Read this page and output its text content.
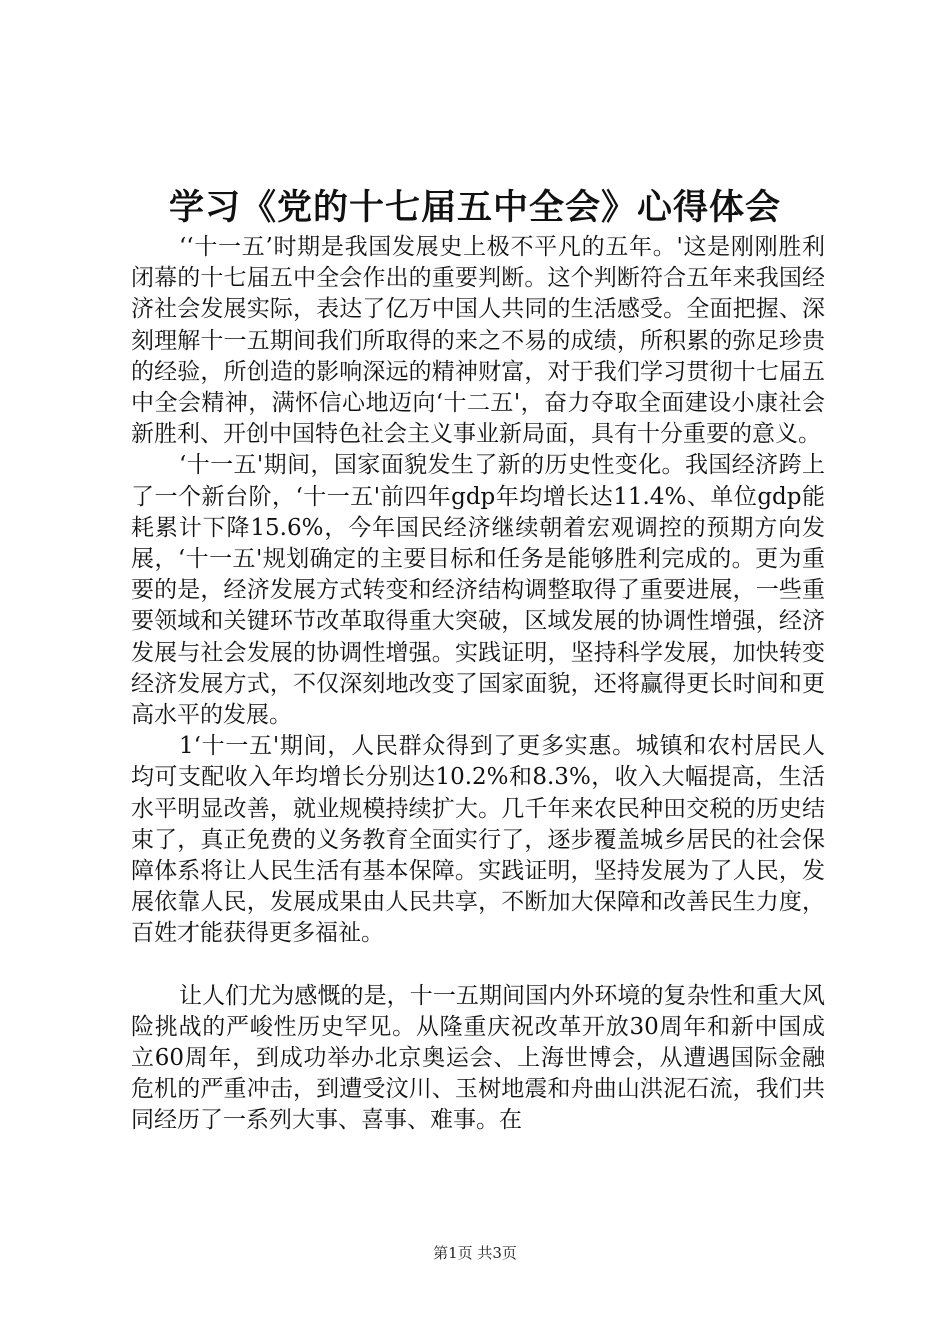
学习《党的十七届五中全会》心得体会

‘‘十一五’时期是我国发展史上极不平凡的五年。'这是刚刚胜利闭幕的十七届五中全会作出的重要判断。这个判断符合五年来我国经济社会发展实际，表达了亿万中国人共同的生活感受。全面把握、深刻理解十一五期间我们所取得的来之不易的成绩，所积累的弥足珍贵的经验，所创造的影响深远的精神财富，对于我们学习贯彻十七届五中全会精神，满怀信心地迈向‘十二五'，奋力夺取全面建设小康社会新胜利、开创中国特色社会主义事业新局面，具有十分重要的意义。

‘十一五'期间，国家面貌发生了新的历史性变化。我国经济跨上了一个新台阶，‘十一五'前四年gdp年均增长达11.4%、单位gdp能耗累计下降15.6%，今年国民经济继续朝着宏观调控的预期方向发展，‘十一五'规划确定的主要目标和任务是能够胜利完成的。更为重要的是，经济发展方式转变和经济结构调整取得了重要进展，一些重要领域和关键环节改革取得重大突破，区域发展的协调性增强，经济发展与社会发展的协调性增强。实践证明，坚持科学发展，加快转变经济发展方式，不仅深刻地改变了国家面貌，还将赢得更长时间和更高水平的发展。

1‘十一五'期间，人民群众得到了更多实惠。城镇和农村居民人均可支配收入年均增长分别达10.2%和8.3%，收入大幅提高，生活水平明显改善，就业规模持续扩大。几千年来农民种田交税的历史结束了，真正免费的义务教育全面实行了，逐步覆盖城乡居民的社会保障体系将让人民生活有基本保障。实践证明，坚持发展为了人民，发展依靠人民，发展成果由人民共享，不断加大保障和改善民生力度，百姓才能获得更多福祉。

让人们尤为感慨的是，十一五期间国内外环境的复杂性和重大风险挑战的严峻性历史罕见。从隆重庆祝改革开放30周年和新中国成立60周年，到成功举办北京奥运会、上海世博会，从遭遇国际金融危机的严重冲击，到遭受汶川、玉树地震和舟曲山洪泥石流，我们共同经历了一系列大事、喜事、难事。在

第1页 共3页
